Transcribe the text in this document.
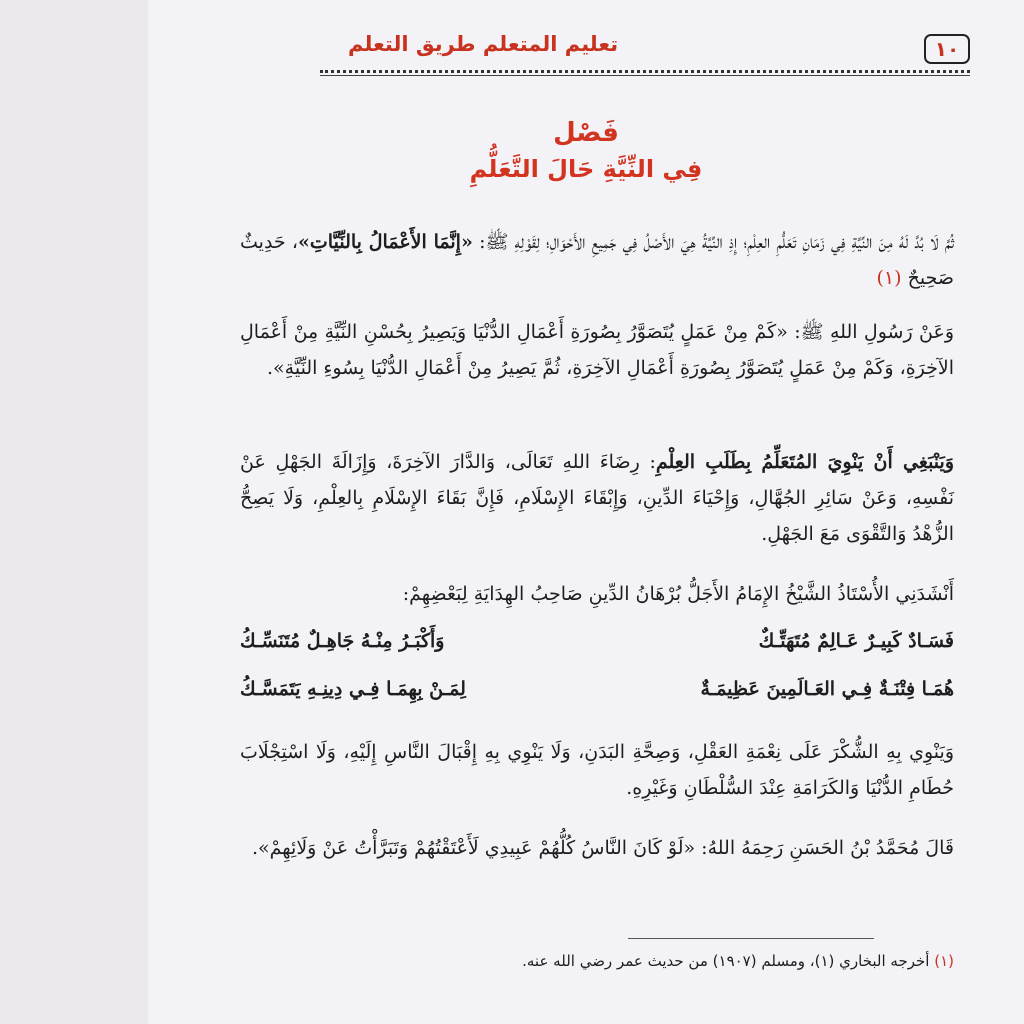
١٠
تعليم المتعلم طريق التعلم
فَصْل
فِي النِّيَّةِ حَالَ التَّعَلُّمِ
ثُمَّ لَا بُدَّ لَهُ مِنَ النِّيَّةِ فِي زَمَانِ تَعَلُّمِ العِلْمِ؛ إِذِ النِّيَّةُ هِيَ الأَصْلُ فِي جَمِيعِ الأَحْوَالِ؛ لِقَوْلِهِ ﷺ: «إِنَّمَا الأَعْمَالُ بِالنِّيَّاتِ»، حَدِيثٌ صَحِيحٌ (١)
وَعَنْ رَسُولِ اللهِ ﷺ: «كَمْ مِنْ عَمَلٍ يُتَصَوَّرُ بِصُورَةِ أَعْمَالِ الدُّنْيَا وَيَصِيرُ بِحُسْنِ النِّيَّةِ مِنْ أَعْمَالِ الآخِرَةِ، وَكَمْ مِنْ عَمَلٍ يُتَصَوَّرُ بِصُورَةِ أَعْمَالِ الآخِرَةِ، ثُمَّ يَصِيرُ مِنْ أَعْمَالِ الدُّنْيَا بِسُوءِ النِّيَّةِ».
وَيَنْبَغِي أَنْ يَنْوِيَ المُتَعَلِّمُ بِطَلَبِ العِلْمِ: رِضَاءَ اللهِ تَعَالَى، وَالدَّارَ الآخِرَةَ، وَإِزَالَةَ الجَهْلِ عَنْ نَفْسِهِ، وَعَنْ سَائِرِ الجُهَّالِ، وَإِحْيَاءَ الدِّينِ، وَإِبْقَاءَ الإِسْلَامِ، فَإِنَّ بَقَاءَ الإِسْلَامِ بِالعِلْمِ، وَلَا يَصِحُّ الزُّهْدُ وَالتَّقْوَى مَعَ الجَهْلِ.
أَنْشَدَنِي الأُسْتَاذُ الشَّيْخُ الإِمَامُ الأَجَلُّ بُرْهَانُ الدِّينِ صَاحِبُ الهِدَايَةِ لِبَعْضِهِمْ:
فَسَـادٌ كَبِيـرٌ عَـالِمٌ مُتَهَتِّـكٌ
وَأَكْبَـرُ مِنْـهُ جَاهِـلٌ مُتَنَسِّـكُ
هُمَـا فِتْنَـةٌ فِـي العَـالَمِينَ عَظِيمَـةٌ
لِمَـنْ بِهِمَـا فِـي دِينِـهِ يَتَمَسَّـكُ
وَيَنْوِي بِهِ الشُّكْرَ عَلَى نِعْمَةِ العَقْلِ، وَصِحَّةِ البَدَنِ، وَلَا يَنْوِي بِهِ إِقْبَالَ النَّاسِ إِلَيْهِ، وَلَا اسْتِجْلَابَ حُطَامِ الدُّنْيَا وَالكَرَامَةِ عِنْدَ السُّلْطَانِ وَغَيْرِهِ.
قَالَ مُحَمَّدُ بْنُ الحَسَنِ رَحِمَهُ اللهُ: «لَوْ كَانَ النَّاسُ كُلُّهُمْ عَبِيدِي لَأَعْتَقْتُهُمْ وَتَبَرَّأْتُ عَنْ وَلَائِهِمْ».
(١) أخرجه البخاري (١)، ومسلم (١٩٠٧) من حديث عمر رضي الله عنه.
